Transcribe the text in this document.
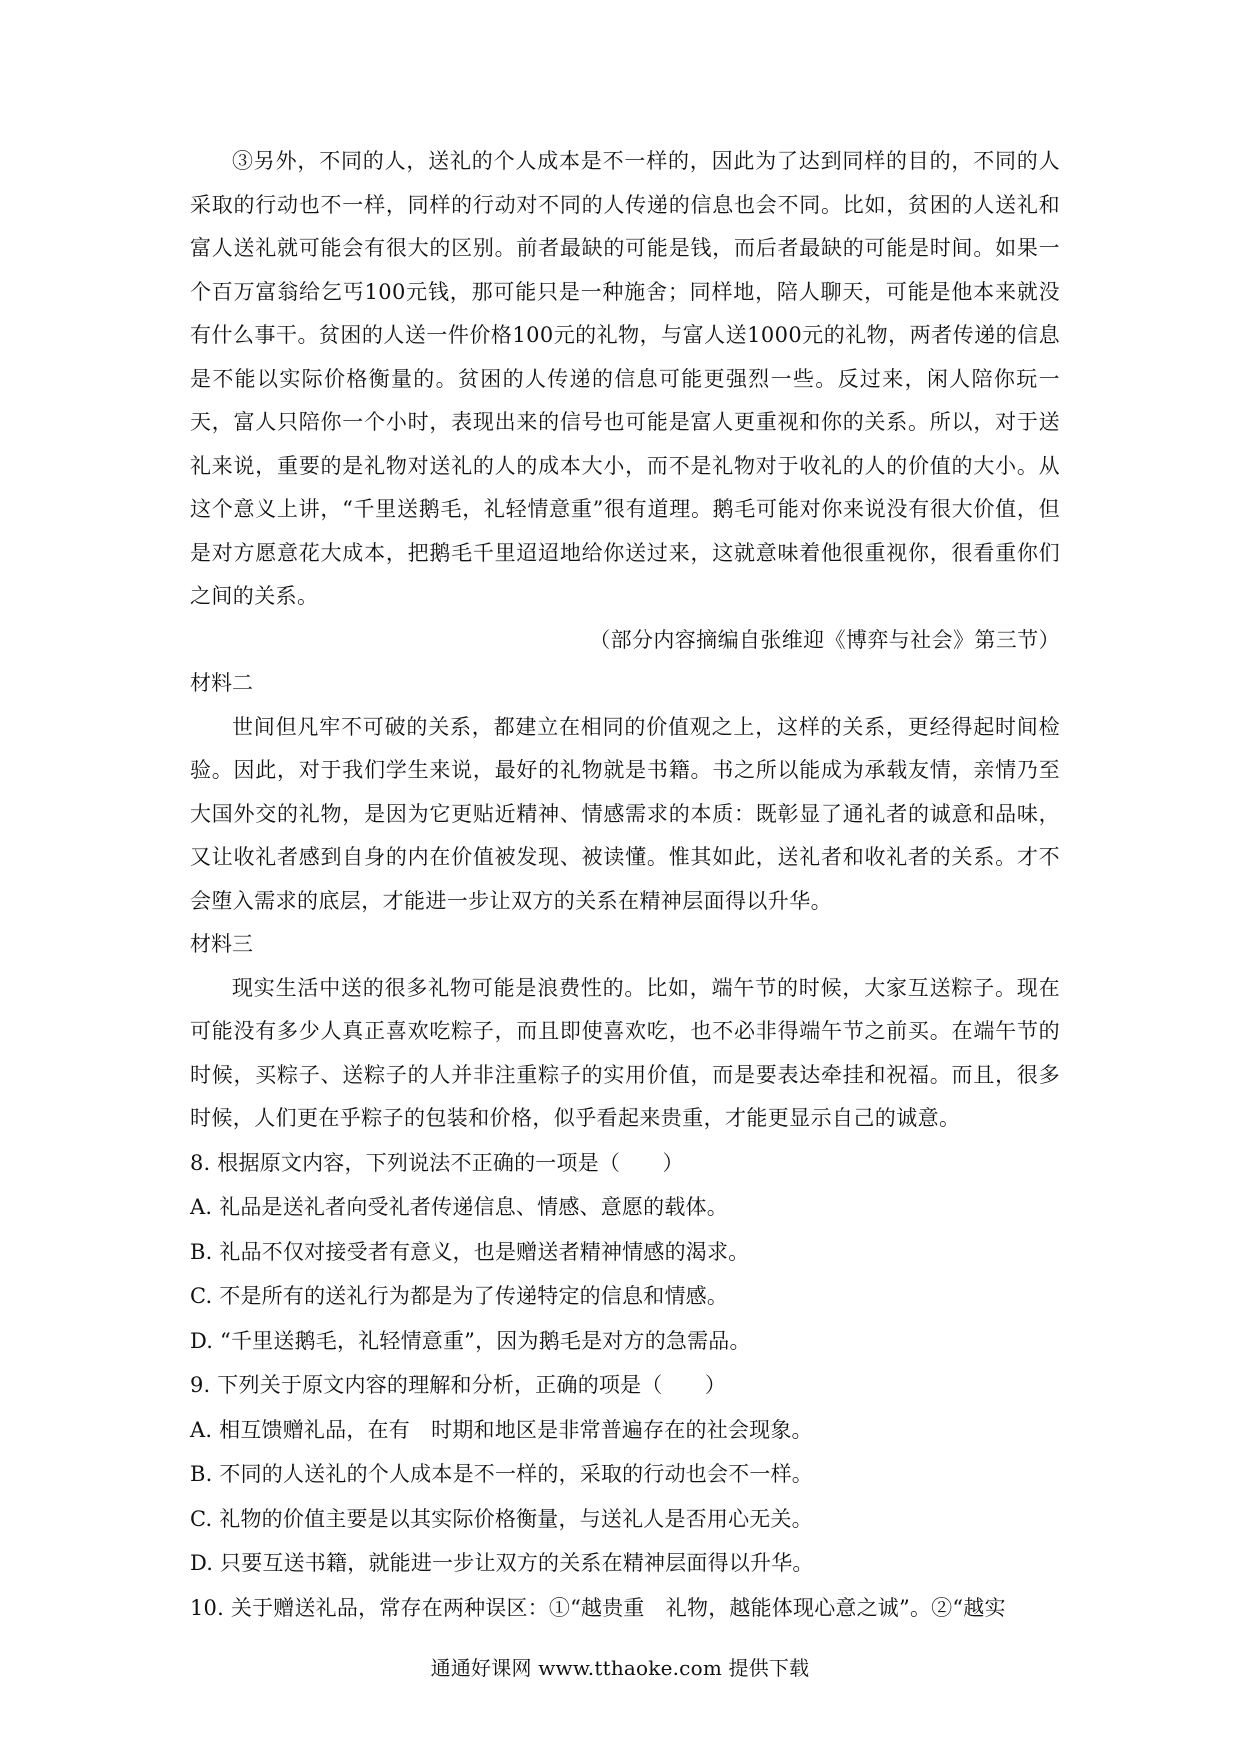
③另外，不同的人，送礼的个人成本是不一样的，因此为了达到同样的目的，不同的人采取的行动也不一样，同样的行动对不同的人传递的信息也会不同。比如，贫困的人送礼和富人送礼就可能会有很大的区别。前者最缺的可能是钱，而后者最缺的可能是时间。如果一个百万富翁给乞丐100元钱，那可能只是一种施舍；同样地，陪人聊天，可能是他本来就没有什么事干。贫困的人送一件价格100元的礼物，与富人送1000元的礼物，两者传递的信息是不能以实际价格衡量的。贫困的人传递的信息可能更强烈一些。反过来，闲人陪你玩一天，富人只陪你一个小时，表现出来的信号也可能是富人更重视和你的关系。所以，对于送礼来说，重要的是礼物对送礼的人的成本大小，而不是礼物对于收礼的人的价值的大小。从这个意义上讲，“千里送鹅毛，礼轻情意重”很有道理。鹅毛可能对你来说没有很大价值，但是对方愿意花大成本，把鹅毛千里迢迢地给你送过来，这就意味着他很重视你，很看重你们之间的关系。

（部分内容摘编自张维迎《博弈与社会》第三节）

材料二

世间但凡牢不可破的关系，都建立在相同的价值观之上，这样的关系，更经得起时间检验。因此，对于我们学生来说，最好的礼物就是书籍。书之所以能成为承载友情，亲情乃至大国外交的礼物，是因为它更贴近精神、情感需求的本质：既彰显了通礼者的诚意和品味，又让收礼者感到自身的内在价值被发现、被读懂。惟其如此，送礼者和收礼者的关系。才不会堕入需求的底层，才能进一步让双方的关系在精神层面得以升华。

材料三

现实生活中送的很多礼物可能是浪费性的。比如，端午节的时候，大家互送粽子。现在可能没有多少人真正喜欢吃粽子，而且即使喜欢吃，也不必非得端午节之前买。在端午节的时候，买粽子、送粽子的人并非注重粽子的实用价值，而是要表达牵挂和祝福。而且，很多时候，人们更在乎粽子的包装和价格，似乎看起来贵重，才能更显示自己的诚意。

8. 根据原文内容，下列说法不正确的一项是（　　）

A. 礼品是送礼者向受礼者传递信息、情感、意愿的载体。

B. 礼品不仅对接受者有意义，也是赠送者精神情感的渴求。

C. 不是所有的送礼行为都是为了传递特定的信息和情感。

D. “千里送鹅毛，礼轻情意重”，因为鹅毛是对方的急需品。

9. 下列关于原文内容的理解和分析，正确的项是（　　）

A. 相互馈赠礼品，在有　时期和地区是非常普遍存在的社会现象。

B. 不同的人送礼的个人成本是不一样的，采取的行动也会不一样。

C. 礼物的价值主要是以其实际价格衡量，与送礼人是否用心无关。

D. 只要互送书籍，就能进一步让双方的关系在精神层面得以升华。

10. 关于赠送礼品，常存在两种误区：①“越贵重　礼物，越能体现心意之诚”。②“越实

通通好课网 www.tthaoke.com 提供下载
